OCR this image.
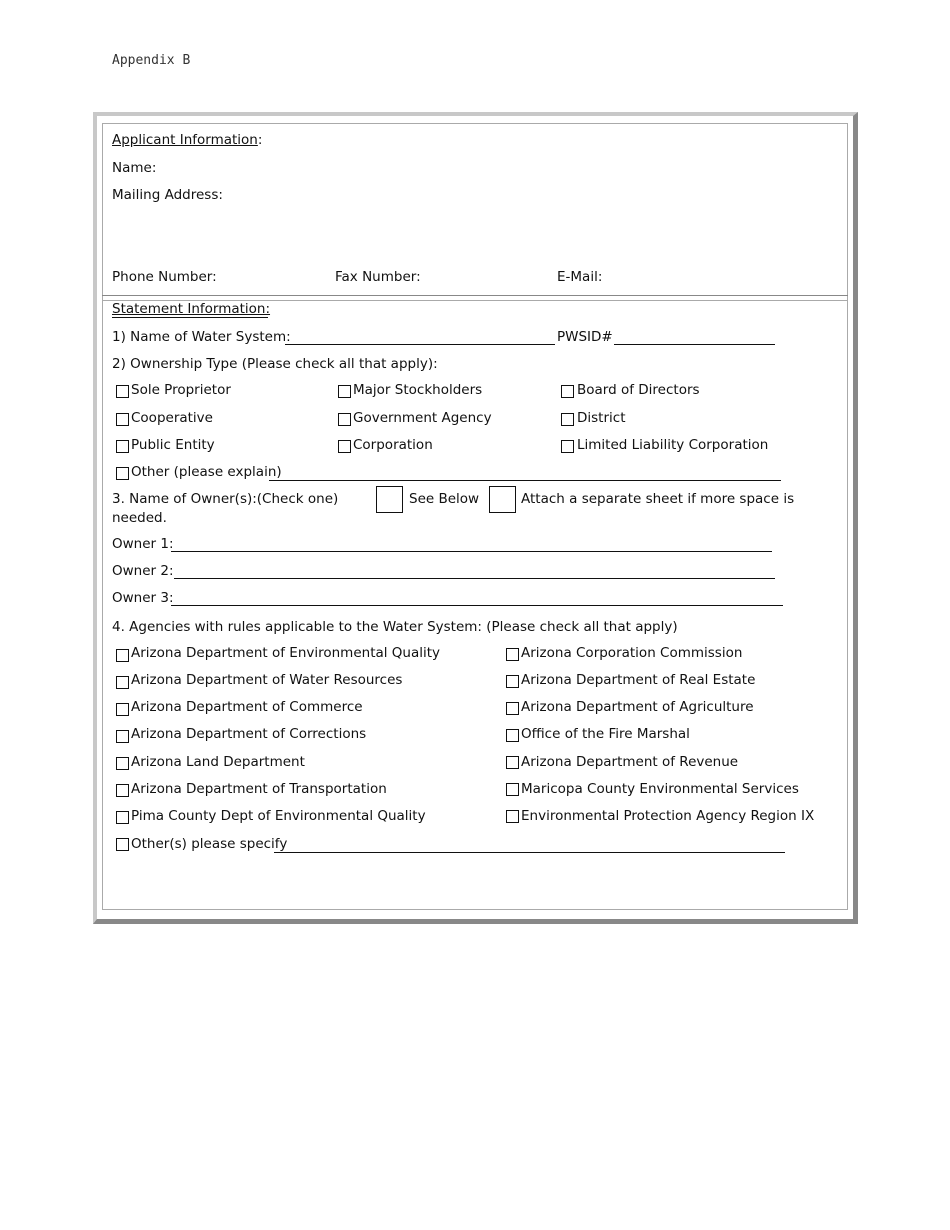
Appendix B
Applicant Information:
Name:
Mailing Address:
Phone Number:	Fax Number:	E-Mail:
Statement Information:
1) Name of Water System:	PWSID#
2) Ownership Type (Please check all that apply):
Sole Proprietor	Major Stockholders	Board of Directors
Cooperative	Government Agency	District
Public Entity	Corporation	Limited Liability Corporation
Other (please explain)
3. Name of Owner(s):(Check one)	See Below	Attach a separate sheet if more space is
needed.
Owner 1:
Owner 2:
Owner 3:
4. Agencies with rules applicable to the Water System: (Please check all that apply)
Arizona Department of Environmental Quality	Arizona Corporation Commission
Arizona Department of Water Resources	Arizona Department of Real Estate
Arizona Department of Commerce	Arizona Department of Agriculture
Arizona Department of Corrections	Office of the Fire Marshal
Arizona Land Department	Arizona Department of Revenue
Arizona Department of Transportation	Maricopa County Environmental Services
Pima County Dept of Environmental Quality	Environmental Protection Agency Region IX
Other(s) please specify
